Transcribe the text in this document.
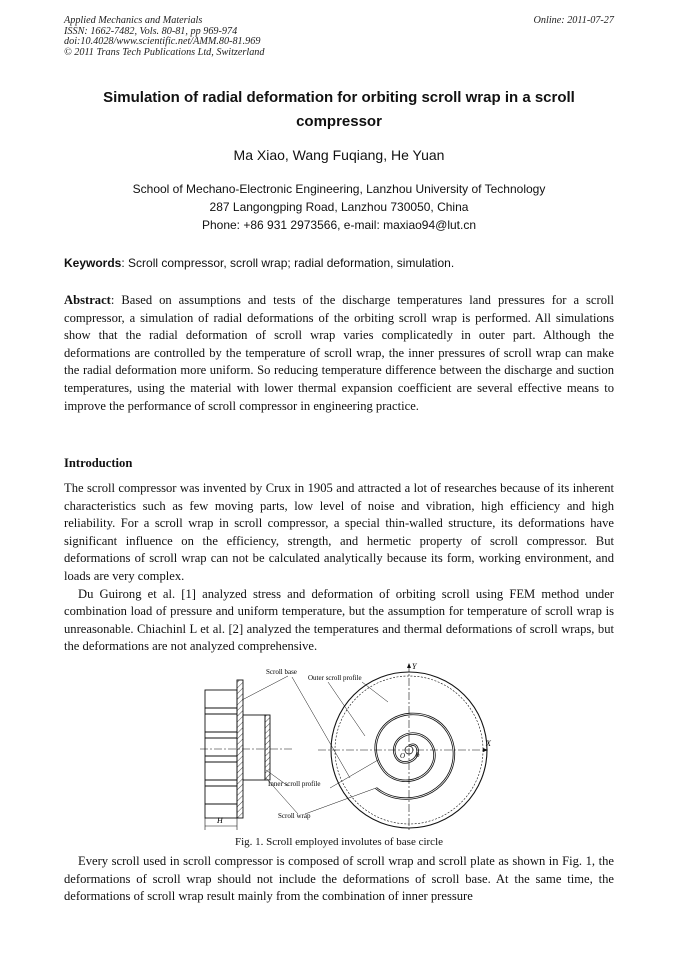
Applied Mechanics and Materials
ISSN: 1662-7482, Vols. 80-81, pp 969-974
doi:10.4028/www.scientific.net/AMM.80-81.969
© 2011 Trans Tech Publications Ltd, Switzerland
Online: 2011-07-27
Simulation of radial deformation for orbiting scroll wrap in a scroll compressor
Ma Xiao, Wang Fuqiang, He Yuan
School of Mechano-Electronic Engineering, Lanzhou University of Technology
287 Langongping Road, Lanzhou 730050, China
Phone: +86 931 2973566, e-mail: maxiao94@lut.cn
Keywords: Scroll compressor, scroll wrap; radial deformation, simulation.
Abstract: Based on assumptions and tests of the discharge temperatures land pressures for a scroll compressor, a simulation of radial deformations of the orbiting scroll wrap is performed. All simulations show that the radial deformation of scroll wrap varies complicatedly in outer part. Although the deformations are controlled by the temperature of scroll wrap, the inner pressures of scroll wrap can make the radial deformation more uniform. So reducing temperature difference between the discharge and suction temperatures, using the material with lower thermal expansion coefficient are several effective means to improve the performance of scroll compressor in engineering practice.
Introduction

The scroll compressor was invented by Crux in 1905 and attracted a lot of researches because of its inherent characteristics such as few moving parts, low level of noise and vibration, high efficiency and high reliability. For a scroll wrap in scroll compressor, a special thin-walled structure, its deformations have significant influence on the efficiency, strength, and hermetic property of scroll compressor. But deformations of scroll wrap can not be calculated analytically because its form, working environment, and loads are very complex.

Du Guirong et al. [1] analyzed stress and deformation of orbiting scroll using FEM method under combination load of pressure and uniform temperature, but the assumption for temperature of scroll wrap is unreasonable. Chiachinl L et al. [2] analyzed the temperatures and thermal deformations of scroll wraps, but the deformations are not analyzed comprehensive.

H
X
Y
O b
Scroll base
Outer scroll profile
Inner scroll profile
Scroll wrap
Fig. 1. Scroll employed involutes of base circle

Every scroll used in scroll compressor is composed of scroll wrap and scroll plate as shown in Fig. 1, the deformations of scroll wrap should not include the deformations of scroll base. At the same time, the deformations of scroll wrap result mainly from the combination of inner pressure
